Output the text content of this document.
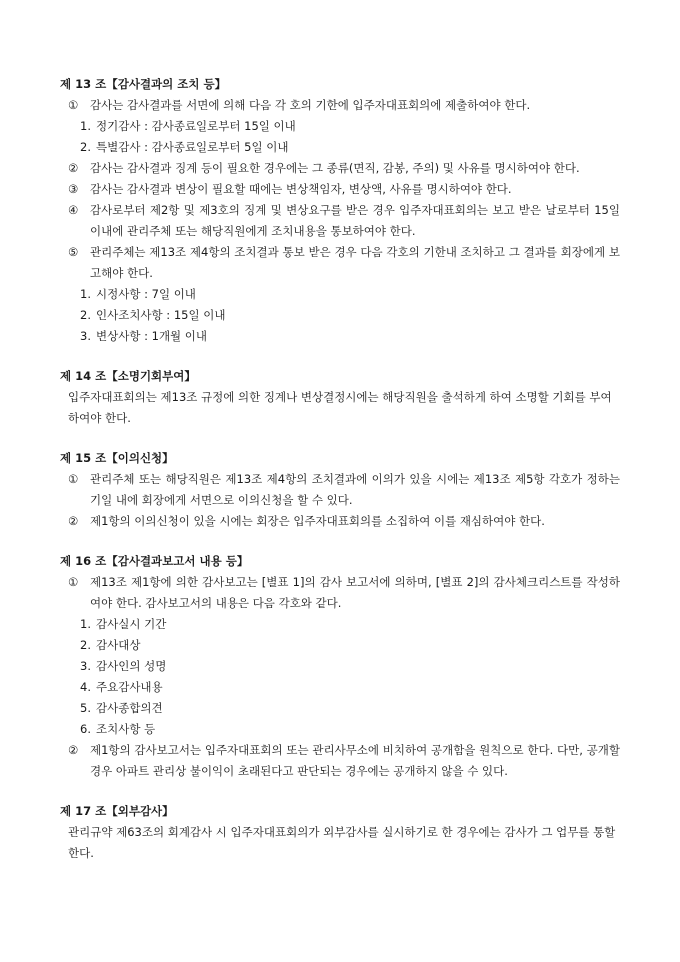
제 13 조【감사결과의 조치 등】
①	감사는 감사결과를 서면에 의해 다음 각 호의 기한에 입주자대표회의에 제출하여야 한다.
1. 정기감사 : 감사종료일로부터 15일 이내
2. 특별감사 : 감사종료일로부터 5일 이내
②	감사는 감사결과 징계 등이 필요한 경우에는 그 종류(면직, 감봉, 주의) 및 사유를 명시하여야 한다.
③	감사는 감사결과 변상이 필요할 때에는 변상책임자, 변상액, 사유를 명시하여야 한다.
④	감사로부터 제2항 및 제3호의 징계 및 변상요구를 받은 경우 입주자대표회의는 보고 받은 날로부터 15일 이내에 관리주체 또는 해당직원에게 조치내용을 통보하여야 한다.
⑤	관리주체는 제13조 제4항의 조치결과 통보 받은 경우 다음 각호의 기한내 조치하고 그 결과를 회장에게 보고해야 한다.
1. 시정사항 : 7일 이내
2. 인사조치사항 : 15일 이내
3. 변상사항 : 1개월 이내
제 14 조【소명기회부여】
입주자대표회의는 제13조 규정에 의한 징계나 변상결정시에는 해당직원을 출석하게 하여 소명할 기회를 부여하여야 한다.
제 15 조【이의신청】
①	관리주체 또는 해당직원은 제13조 제4항의 조치결과에 이의가 있을 시에는 제13조 제5항 각호가 정하는 기일 내에 회장에게 서면으로 이의신청을 할 수 있다.
②	제1항의 이의신청이 있을 시에는 회장은 입주자대표회의를 소집하여 이를 재심하여야 한다.
제 16 조【감사결과보고서 내용 등】
①	제13조 제1항에 의한 감사보고는 [별표 1]의 감사 보고서에 의하며, [별표 2]의 감사체크리스트를 작성하여야 한다. 감사보고서의 내용은 다음 각호와 같다.
1. 감사실시 기간
2. 감사대상
3. 감사인의 성명
4. 주요감사내용
5. 감사종합의견
6. 조치사항 등
②	제1항의 감사보고서는 입주자대표회의 또는 관리사무소에 비치하여 공개함을 원칙으로 한다. 다만, 공개할 경우 아파트 관리상 불이익이 초래된다고 판단되는 경우에는 공개하지 않을 수 있다.
제 17 조【외부감사】
관리규약 제63조의 회계감사 시 입주자대표회의가 외부감사를 실시하기로 한 경우에는 감사가 그 업무를 통할한다.
